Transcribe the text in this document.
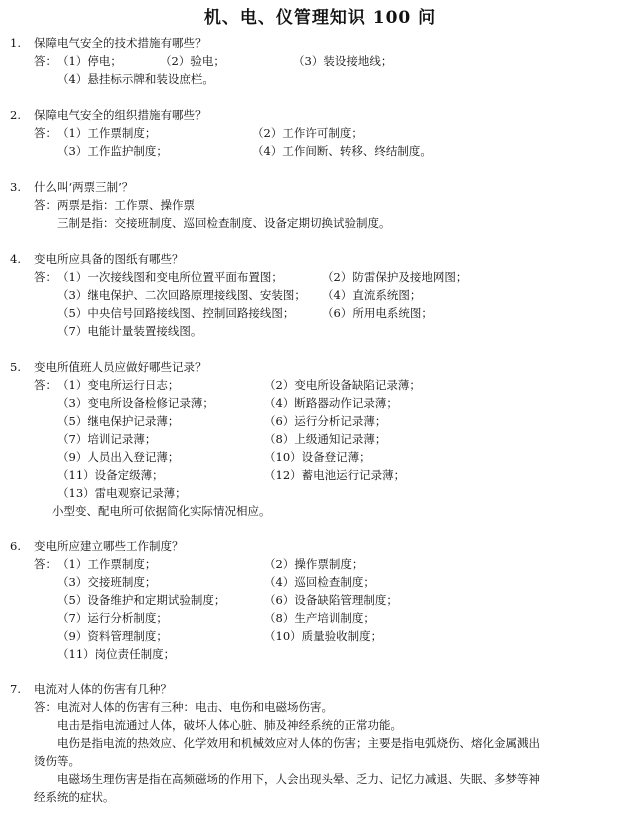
机、电、仪管理知识 100 问
1. 保障电气安全的技术措施有哪些？
答： （1）停电；	（2）验电；	（3）装设接地线；
（4）悬挂标示牌和装设庶栏。
2. 保障电气安全的组织措施有哪些？
答： （1）工作票制度；	（2）工作许可制度；
（3）工作监护制度；	（4）工作间断、转移、终结制度。
3. 什么叫‘两票三制’？
答：两票是指：工作票、操作票
三制是指：交接班制度、巡回检查制度、设备定期切换试验制度。
4. 变电所应具备的图纸有哪些？
答： （1）一次接线图和变电所位置平面布置图；	（2）防雷保护及接地网图；
（3）继电保护、二次回路原理接线图、安装图； （4）直流系统图；
（5）中央信号回路接线图、控制回路接线图； （6）所用电系统图；
（7）电能计量装置接线图。
5. 变电所值班人员应做好哪些记录？
答： （1）变电所运行日志；	（2）变电所设备缺陷记录薄；
（3）变电所设备检修记录薄；	（4）断路器动作记录薄；
（5）继电保护记录薄；	（6）运行分析记录薄；
（7）培训记录薄；	（8）上级通知记录薄；
（9）人员出入登记薄；	（10）设备登记薄；
（11）设备定级薄；	（12）蓄电池运行记录薄；
（13）雷电观察记录薄；
小型变、配电所可依据简化实际情况相应。
6. 变电所应建立哪些工作制度？
答： （1）工作票制度；	（2）操作票制度；
（3）交接班制度；	（4）巡回检查制度；
（5）设备维护和定期试验制度；	（6）设备缺陷管理制度；
（7）运行分析制度；	（8）生产培训制度；
（9）资料管理制度；	（10）质量验收制度；
（11）岗位责任制度；
7. 电流对人体的伤害有几种？
答：电流对人体的伤害有三种：电击、电伤和电磁场伤害。
电击是指电流通过人体，破坏人体心脏、肺及神经系统的正常功能。
电伤是指电流的热效应、化学效用和机械效应对人体的伤害；主要是指电弧烧伤、熔化金属溅出
烫伤等。
电磁场生理伤害是指在高频磁场的作用下，人会出现头晕、乏力、记忆力减退、失眠、多梦等神
经系统的症状。
